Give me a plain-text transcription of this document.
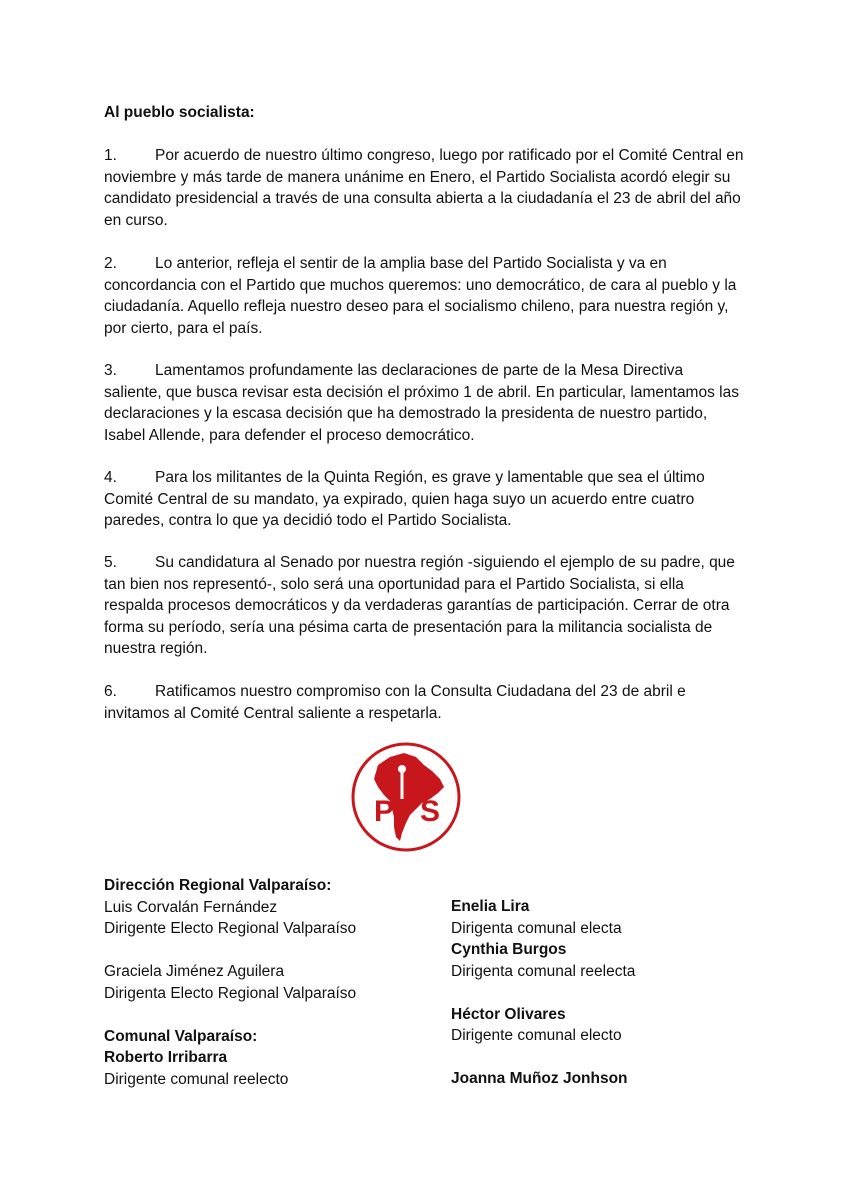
Al pueblo socialista:

1. Por acuerdo de nuestro último congreso, luego por ratificado por el Comité Central en noviembre y más tarde de manera unánime en Enero, el Partido Socialista acordó elegir su candidato presidencial a través de una consulta abierta a la ciudadanía el 23 de abril del año en curso.

2. Lo anterior, refleja el sentir de la amplia base del Partido Socialista y va en concordancia con el Partido que muchos queremos: uno democrático, de cara al pueblo y la ciudadanía. Aquello refleja nuestro deseo para el socialismo chileno, para nuestra región y, por cierto, para el país.

3. Lamentamos profundamente las declaraciones de parte de la Mesa Directiva saliente, que busca revisar esta decisión el próximo 1 de abril. En particular, lamentamos las declaraciones y la escasa decisión que ha demostrado la presidenta de nuestro partido, Isabel Allende, para defender el proceso democrático.

4. Para los militantes de la Quinta Región, es grave y lamentable que sea el último Comité Central de su mandato, ya expirado, quien haga suyo un acuerdo entre cuatro paredes, contra lo que ya decidió todo el Partido Socialista.

5. Su candidatura al Senado por nuestra región -siguiendo el ejemplo de su padre, que tan bien nos representó-, solo será una oportunidad para el Partido Socialista, si ella respalda procesos democráticos y da verdaderas garantías de participación. Cerrar de otra forma su período, sería una pésima carta de presentación para la militancia socialista de nuestra región.

6. Ratificamos nuestro compromiso con la Consulta Ciudadana del 23 de abril e invitamos al Comité Central saliente a respetarla.

P S
Dirección Regional Valparaíso:
Luis Corvalán Fernández
Dirigente Electo Regional Valparaíso
Graciela Jiménez Aguilera
Dirigenta Electo Regional Valparaíso
Comunal Valparaíso:
Roberto Irribarra
Dirigente comunal reelecto
Enelia Lira
Dirigenta comunal electa
Cynthia Burgos
Dirigenta comunal reelecta
Héctor Olivares
Dirigente comunal electo
Joanna Muñoz Jonhson
